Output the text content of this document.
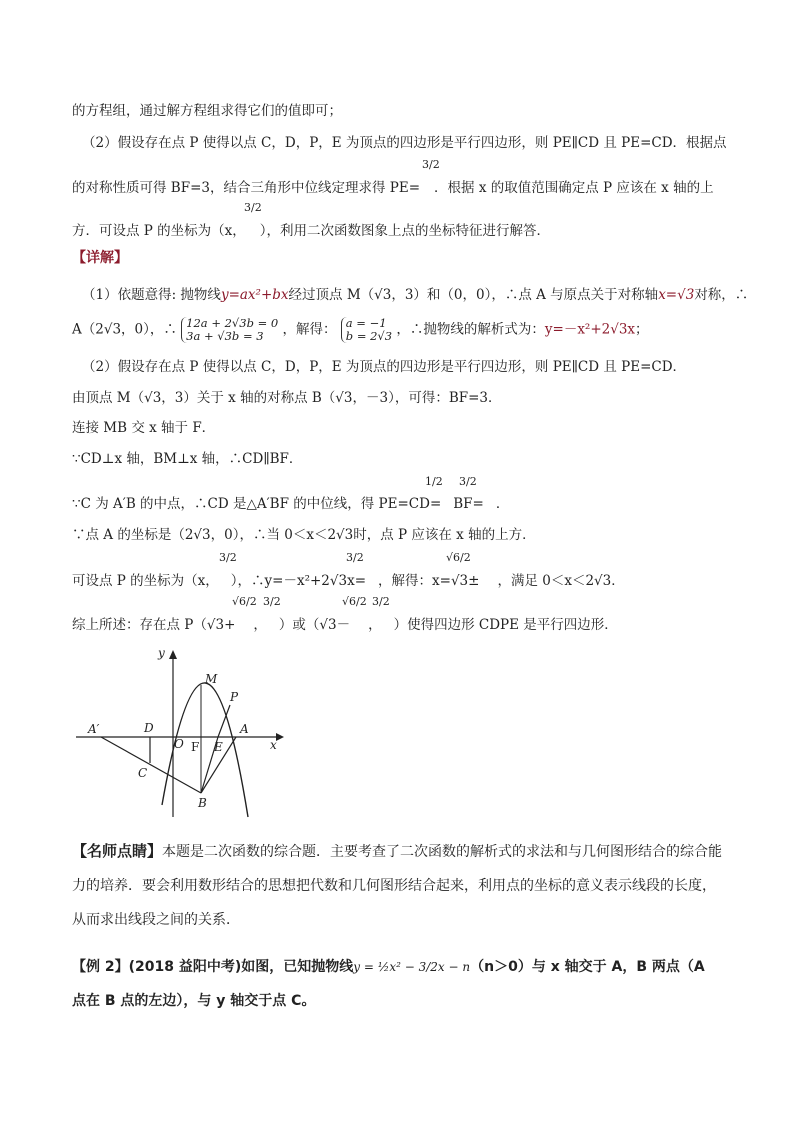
的方程组，通过解方程组求得它们的值即可；
（2）假设存在点 P 使得以点 C，D，P，E 为顶点的四边形是平行四边形，则 PE∥CD 且 PE=CD．根据点
的对称性质可得 BF=3，结合三角形中位线定理求得 PE= ．根据 x 的取值范围确定点 P 应该在 x 轴的上
3/2
方．可设点 P 的坐标为（x， ），利用二次函数图象上点的坐标特征进行解答．
3/2
【详解】
（1）依题意得: 抛物线y=ax²+bx经过顶点 M（√3，3）和（0，0），∴点 A 与原点关于对称轴x=√3对称，∴
A（2√3，0），∴ 12a + 2√3b = 0
3a + √3b = 3 ，解得： a = −1
b = 2√3 ，∴抛物线的解析式为：y=－x²+2√3x；
（2）假设存在点 P 使得以点 C，D，P，E 为顶点的四边形是平行四边形，则 PE∥CD 且 PE=CD．
由顶点 M（√3，3）关于 x 轴的对称点 B（√3，－3），可得：BF=3．
连接 MB 交 x 轴于 F．
∵CD⊥x 轴，BM⊥x 轴，∴CD∥BF．
∵C 为 A′B 的中点，∴CD 是△A′BF 的中位线，得 PE=CD= BF= ．
1/2 3/2
∵点 A 的坐标是（2√3，0），∴当 0＜x＜2√3时，点 P 应该在 x 轴的上方．
可设点 P 的坐标为（x， ），∴y=－x²+2√3x= ，解得：x=√3± ，满足 0＜x＜2√3．
3/2	3/2	√6/2
综上所述：存在点 P（√3+ ， ）或（√3－ ， ）使得四边形 CDPE 是平行四边形．
√6/2 3/2	√6/2 3/2
y
x
M
P
A′	D
O F E
A
C
B
【名师点睛】本题是二次函数的综合题．主要考查了二次函数的解析式的求法和与几何图形结合的综合能力的培养．要会利用数形结合的思想把代数和几何图形结合起来，利用点的坐标的意义表示线段的长度，从而求出线段之间的关系．
【例 2】(2018 益阳中考)如图，已知抛物线y = ½x² − 3/2x − n（n＞0）与 x 轴交于 A，B 两点（A 点在 B 点的左边），与 y 轴交于点 C。
